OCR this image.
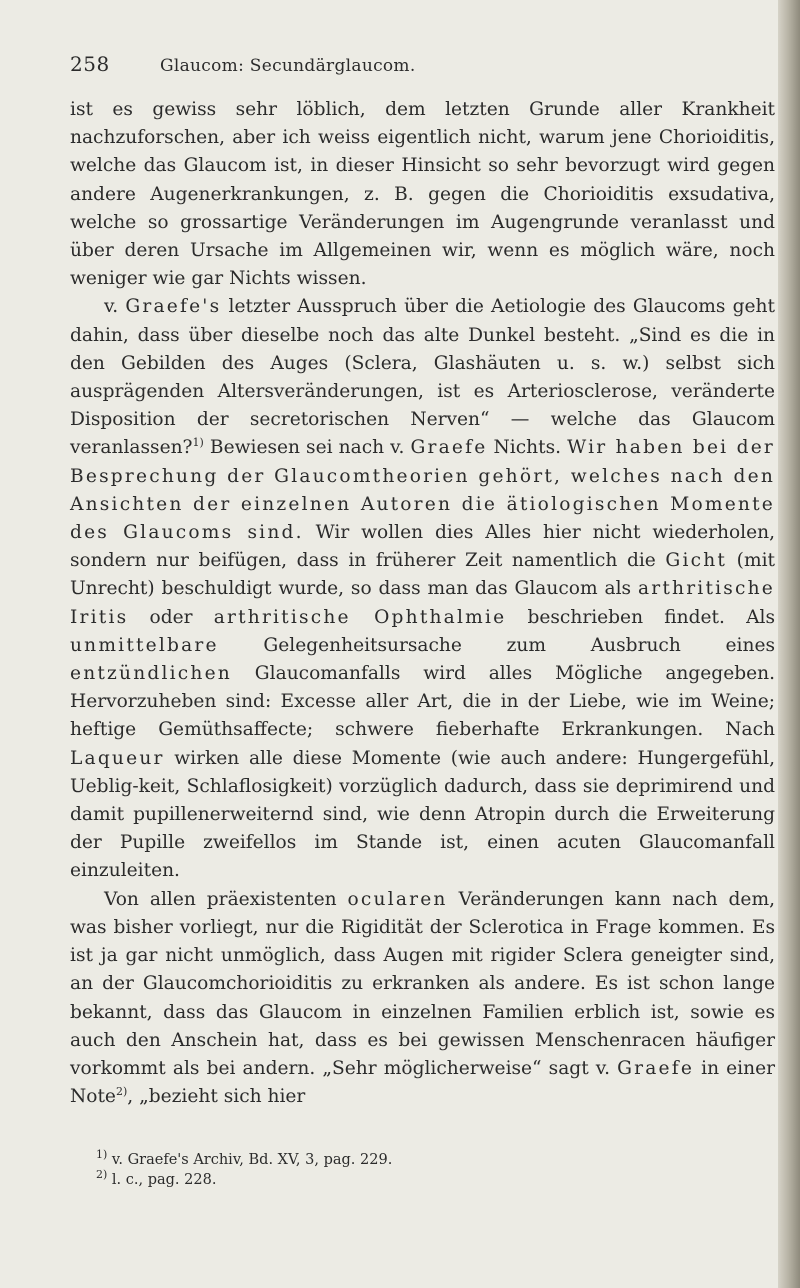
258	Glaucom: Secundärglaucom.

ist es gewiss sehr löblich, dem letzten Grunde aller Krankheit nachzuforschen, aber ich weiss eigentlich nicht, warum jene Chorioiditis, welche das Glaucom ist, in dieser Hinsicht so sehr bevorzugt wird gegen andere Augenerkrankungen, z. B. gegen die Chorioiditis exsudativa, welche so grossartige Veränderungen im Augengrunde veranlasst und über deren Ursache im Allgemeinen wir, wenn es möglich wäre, noch weniger wie gar Nichts wissen.

v. Graefe's letzter Ausspruch über die Aetiologie des Glaucoms geht dahin, dass über dieselbe noch das alte Dunkel besteht. „Sind es die in den Gebilden des Auges (Sclera, Glashäuten u. s. w.) selbst sich ausprägenden Altersveränderungen, ist es Arteriosclerose, veränderte Disposition der secretorischen Nerven“ — welche das Glaucom veranlassen?$^{1)}$ Bewiesen sei nach v. Graefe Nichts. Wir haben bei der Besprechung der Glaucomtheorien gehört, welches nach den Ansichten der einzelnen Autoren die ätiologischen Momente des Glaucoms sind. Wir wollen dies Alles hier nicht wiederholen, sondern nur beifügen, dass in früherer Zeit namentlich die Gicht (mit Unrecht) beschuldigt wurde, so dass man das Glaucom als arthritische Iritis oder arthritische Ophthalmie beschrieben findet. Als unmittelbare Gelegenheitsursache zum Ausbruch eines entzündlichen Glaucomanfalls wird alles Mögliche angegeben. Hervorzuheben sind: Excesse aller Art, die in der Liebe, wie im Weine; heftige Gemüthsaffecte; schwere fieberhafte Erkrankungen. Nach Laqueur wirken alle diese Momente (wie auch andere: Hungergefühl, Ueblig-keit, Schlaflosigkeit) vorzüglich dadurch, dass sie deprimirend und damit pupillenerweiternd sind, wie denn Atropin durch die Erweiterung der Pupille zweifellos im Stande ist, einen acuten Glaucomanfall einzuleiten.

Von allen präexistenten ocularen Veränderungen kann nach dem, was bisher vorliegt, nur die Rigidität der Sclerotica in Frage kommen. Es ist ja gar nicht unmöglich, dass Augen mit rigider Sclera geneigter sind, an der Glaucomchorioiditis zu erkranken als andere. Es ist schon lange bekannt, dass das Glaucom in einzelnen Familien erblich ist, sowie es auch den Anschein hat, dass es bei gewissen Menschenracen häufiger vorkommt als bei andern. „Sehr möglicherweise“ sagt v. Graefe in einer Note$^{2)}$, „bezieht sich hier

$^{1)}$ v. Graefe's Archiv, Bd. XV, 3, pag. 229.
$^{2)}$ l. c., pag. 228.
